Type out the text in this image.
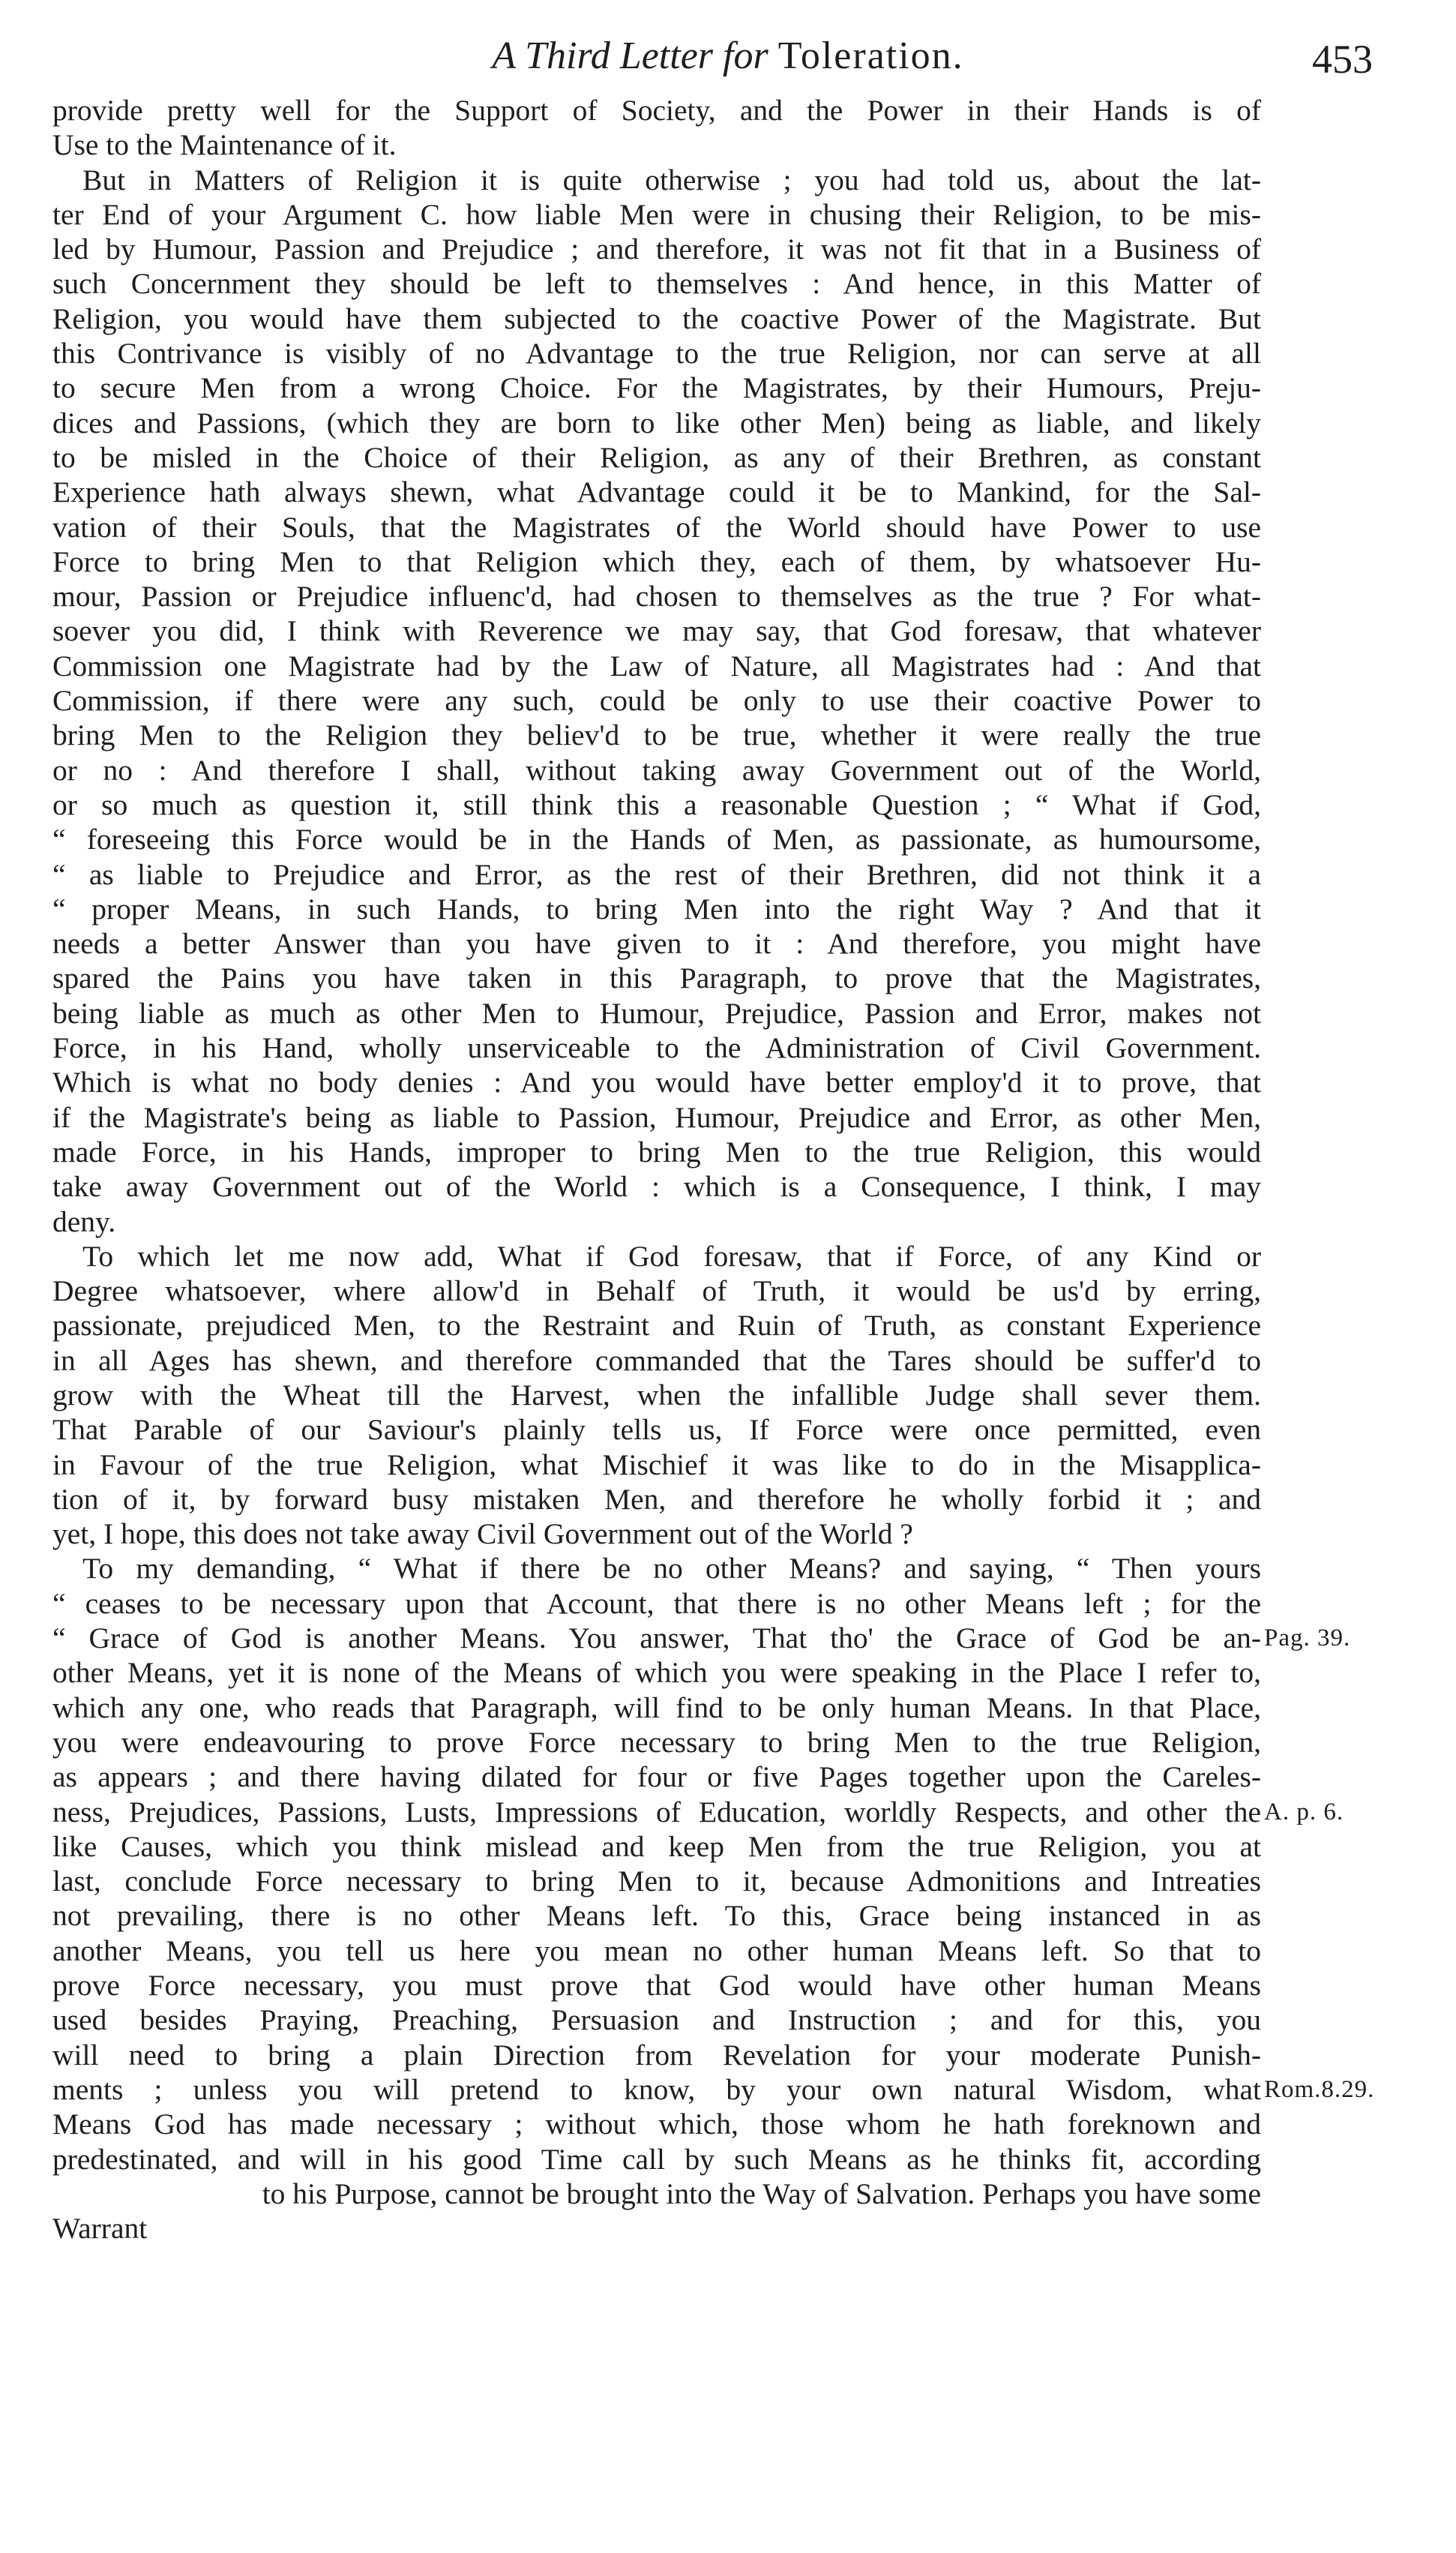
A Third Letter for Toleration.	453
provide pretty well for the Support of Society, and the Power in their Hands is of
Use to the Maintenance of it.
But in Matters of Religion it is quite otherwise ; you had told us, about the lat-
ter End of your Argument C. how liable Men were in chusing their Religion, to be mis-
led by Humour, Passion and Prejudice ; and therefore, it was not fit that in a Business of
such Concernment they should be left to themselves : And hence, in this Matter of
Religion, you would have them subjected to the coactive Power of the Magistrate. But
this Contrivance is visibly of no Advantage to the true Religion, nor can serve at all
to secure Men from a wrong Choice. For the Magistrates, by their Humours, Preju-
dices and Passions, (which they are born to like other Men) being as liable, and likely
to be misled in the Choice of their Religion, as any of their Brethren, as constant
Experience hath always shewn, what Advantage could it be to Mankind, for the Sal-
vation of their Souls, that the Magistrates of the World should have Power to use
Force to bring Men to that Religion which they, each of them, by whatsoever Hu-
mour, Passion or Prejudice influenc'd, had chosen to themselves as the true ? For what-
soever you did, I think with Reverence we may say, that God foresaw, that whatever
Commission one Magistrate had by the Law of Nature, all Magistrates had : And that
Commission, if there were any such, could be only to use their coactive Power to
bring Men to the Religion they believ'd to be true, whether it were really the true
or no : And therefore I shall, without taking away Government out of the World,
or so much as question it, still think this a reasonable Question ; “ What if God,
“ foreseeing this Force would be in the Hands of Men, as passionate, as humoursome,
“ as liable to Prejudice and Error, as the rest of their Brethren, did not think it a
“ proper Means, in such Hands, to bring Men into the right Way ? And that it
needs a better Answer than you have given to it : And therefore, you might have
spared the Pains you have taken in this Paragraph, to prove that the Magistrates,
being liable as much as other Men to Humour, Prejudice, Passion and Error, makes not
Force, in his Hand, wholly unserviceable to the Administration of Civil Government.
Which is what no body denies : And you would have better employ'd it to prove, that
if the Magistrate's being as liable to Passion, Humour, Prejudice and Error, as other Men,
made Force, in his Hands, improper to bring Men to the true Religion, this would
take away Government out of the World : which is a Consequence, I think, I may
deny.
To which let me now add, What if God foresaw, that if Force, of any Kind or
Degree whatsoever, where allow'd in Behalf of Truth, it would be us'd by erring,
passionate, prejudiced Men, to the Restraint and Ruin of Truth, as constant Experience
in all Ages has shewn, and therefore commanded that the Tares should be suffer'd to
grow with the Wheat till the Harvest, when the infallible Judge shall sever them.
That Parable of our Saviour's plainly tells us, If Force were once permitted, even
in Favour of the true Religion, what Mischief it was like to do in the Misapplica-
tion of it, by forward busy mistaken Men, and therefore he wholly forbid it ; and
yet, I hope, this does not take away Civil Government out of the World ?
To my demanding, “ What if there be no other Means? and saying, “ Then yours
“ ceases to be necessary upon that Account, that there is no other Means left ; for the
“ Grace of God is another Means. You answer, That tho' the Grace of God be an-
other Means, yet it is none of the Means of which you were speaking in the Place I refer to,
which any one, who reads that Paragraph, will find to be only human Means. In that Place,
you were endeavouring to prove Force necessary to bring Men to the true Religion,
as appears ; and there having dilated for four or five Pages together upon the Careles-
ness, Prejudices, Passions, Lusts, Impressions of Education, worldly Respects, and other the
like Causes, which you think mislead and keep Men from the true Religion, you at
last, conclude Force necessary to bring Men to it, because Admonitions and Intreaties
not prevailing, there is no other Means left. To this, Grace being instanced in as
another Means, you tell us here you mean no other human Means left. So that to
prove Force necessary, you must prove that God would have other human Means
used besides Praying, Preaching, Persuasion and Instruction ; and for this, you
will need to bring a plain Direction from Revelation for your moderate Punish-
ments ; unless you will pretend to know, by your own natural Wisdom, what
Means God has made necessary ; without which, those whom he hath foreknown and
predestinated, and will in his good Time call by such Means as he thinks fit, according
to his Purpose, cannot be brought into the Way of Salvation. Perhaps you have some
Warrant
Pag. 39.
A. p. 6.
Rom.8.29.
